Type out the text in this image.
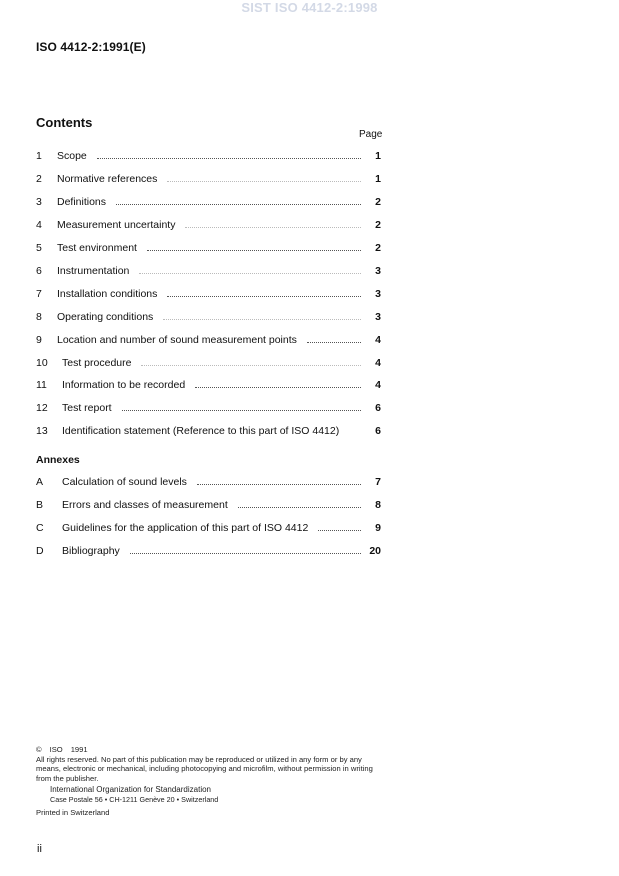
SIST ISO 4412-2:1998
ISO 4412-2:1991(E)
Contents
Page
1	Scope	1
2	Normative references	1
3	Definitions	2
4	Measurement uncertainty	2
5	Test environment	2
6	Instrumentation	3
7	Installation conditions	3
8	Operating conditions	3
9	Location and number of sound measurement points	4
10	Test procedure	4
11	Information to be recorded	4
12	Test report	6
13	Identification statement (Reference to this part of ISO 4412)	6
Annexes
A	Calculation of sound levels	7
B	Errors and classes of measurement	8
C	Guidelines for the application of this part of ISO 4412	9
D	Bibliography	20
© ISO 1991
All rights reserved. No part of this publication may be reproduced or utilized in any form or by any means, electronic or mechanical, including photocopying and microfilm, without permission in writing from the publisher.
International Organization for Standardization
Case Postale 56 • CH-1211 Genève 20 • Switzerland
Printed in Switzerland
ii
